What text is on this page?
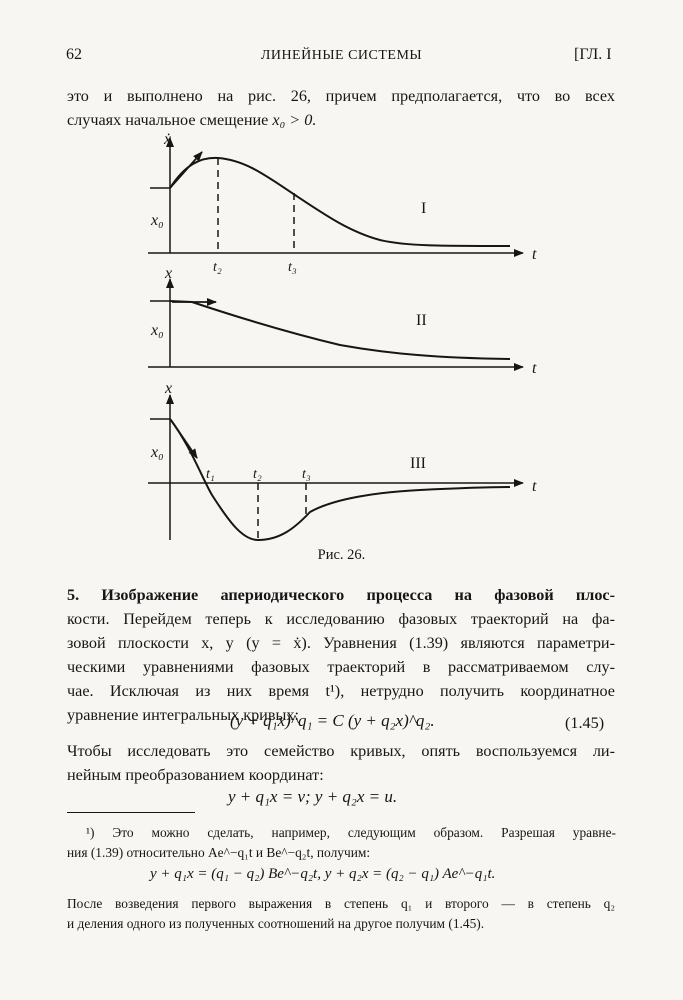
62	ЛИНЕЙНЫЕ СИСТЕМЫ	[ГЛ. I
это и выполнено на рис. 26, причем предполагается, что во всех
случаях начальное смещение x₀ > 0.
ẋ
x₀
t
t₂	t₃
I
x
x₀
t
II
x
x₀
t
t₁	t₂	t₃
III
Рис. 26.
5. Изображение апериодического процесса на фазовой плос-
кости. Перейдем теперь к исследованию фазовых траекторий на фа-
зовой плоскости x, y (y = ẋ). Уравнения (1.39) являются параметри-
ческими уравнениями фазовых траекторий в рассматриваемом слу-
чае. Исключая из них время t¹), нетрудно получить координатное
уравнение интегральных кривых:
(y + q₁x)^q₁ = C (y + q₂x)^q₂.	(1.45)
Чтобы исследовать это семейство кривых, опять воспользуемся ли-
нейным преобразованием координат:
y + q₁x = v; y + q₂x = u.
¹) Это можно сделать, например, следующим образом. Разрешая уравне-
ния (1.39) относительно Ae^−q₁t и Be^−q₂t, получим:
y + q₁x = (q₁ − q₂) Be^−q₂t, y + q₂x = (q₂ − q₁) Ae^−q₁t.
После возведения первого выражения в степень q₁ и второго — в степень q₂
и деления одного из полученных соотношений на другое получим (1.45).
